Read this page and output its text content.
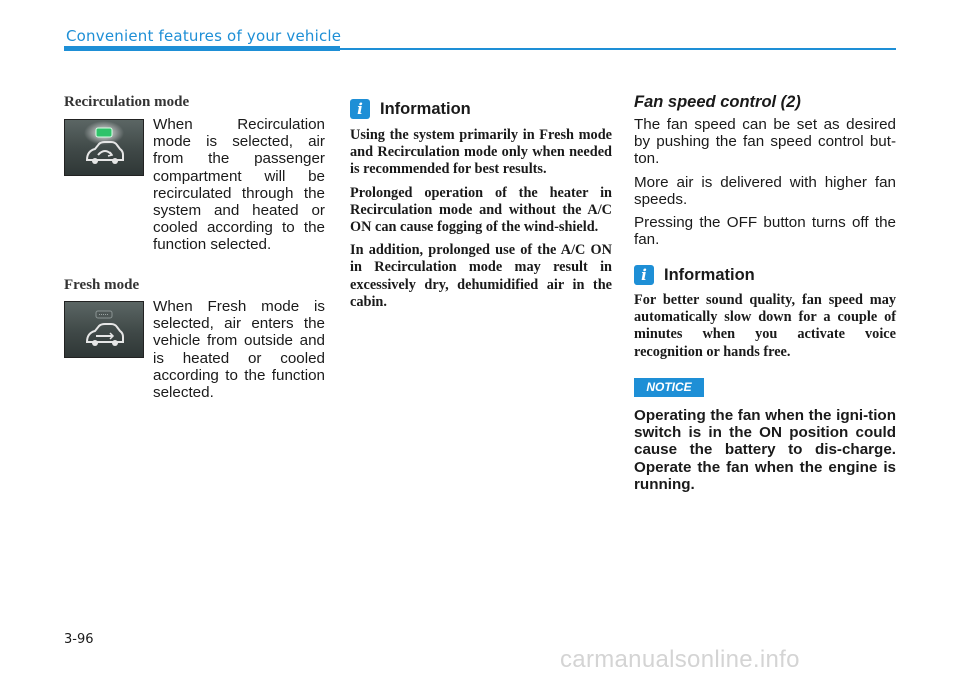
Convenient features of your vehicle
Recirculation mode
When Recirculation mode is selected, air from the passenger compartment will be recirculated through the system and heated or cooled according to the function selected.
Fresh mode
When Fresh mode is selected, air enters the vehicle from outside and is heated or cooled according to the function selected.
i	Information

Using the system primarily in Fresh mode and Recirculation mode only when needed is recommended for best results.

Prolonged operation of the heater in Recirculation mode and without the A/C ON can cause fogging of the wind-shield.

In addition, prolonged use of the A/C ON in Recirculation mode may result in excessively dry, dehumidified air in the cabin.

Fan speed control (2)

The fan speed can be set as desired by pushing the fan speed control but-ton.

More air is delivered with higher fan speeds.

Pressing the OFF button turns off the fan.

i	Information
For better sound quality, fan speed may automatically slow down for a couple of minutes when you activate voice recognition or hands free.
NOTICE
Operating the fan when the igni-tion switch is in the ON position could cause the battery to dis-charge. Operate the fan when the engine is running.
3-96
carmanualsonline.info
